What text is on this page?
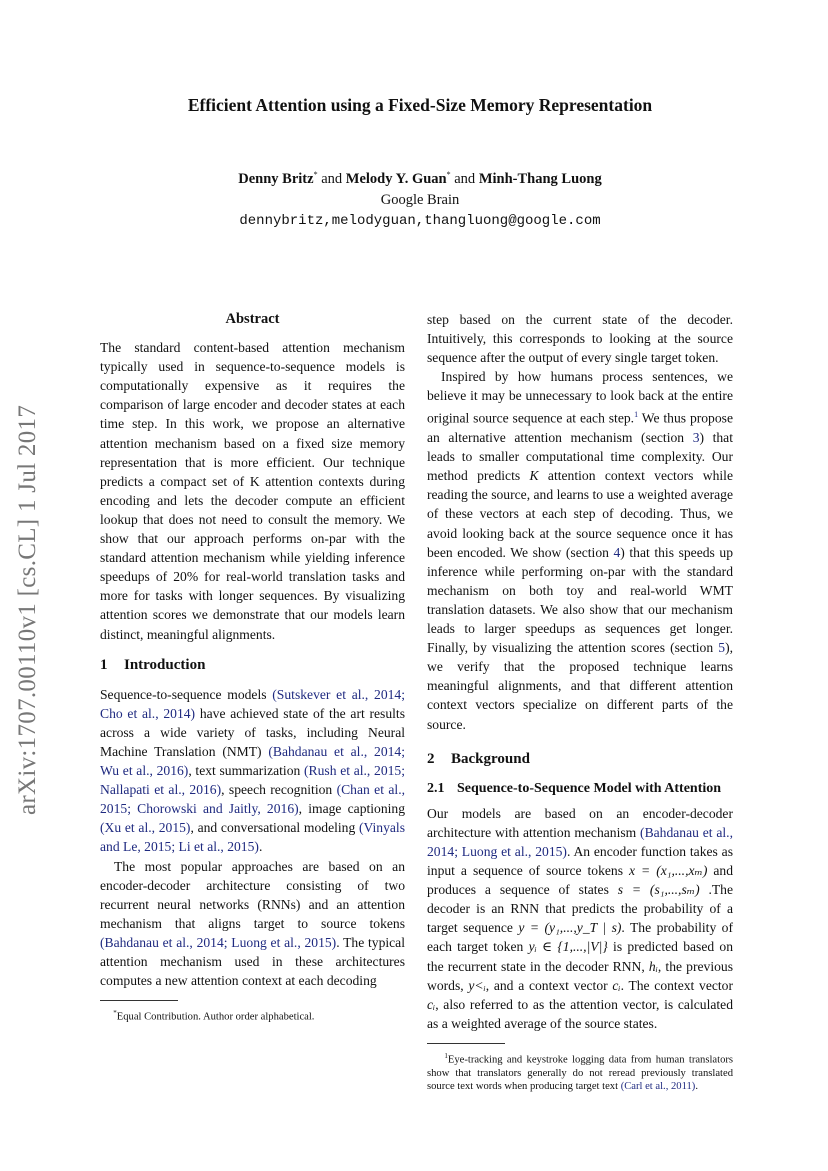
arXiv:1707.00110v1 [cs.CL] 1 Jul 2017
Efficient Attention using a Fixed-Size Memory Representation
Denny Britz* and Melody Y. Guan* and Minh-Thang Luong
Google Brain
dennybritz,melodyguan,thangluong@google.com
Abstract

The standard content-based attention mechanism typically used in sequence-to-sequence models is computationally expensive as it requires the comparison of large encoder and decoder states at each time step. In this work, we propose an alternative attention mechanism based on a fixed size memory representation that is more efficient. Our technique predicts a compact set of K attention contexts during encoding and lets the decoder compute an efficient lookup that does not need to consult the memory. We show that our approach performs on-par with the standard attention mechanism while yielding inference speedups of 20% for real-world translation tasks and more for tasks with longer sequences. By visualizing attention scores we demonstrate that our models learn distinct, meaningful alignments.

1 Introduction

Sequence-to-sequence models (Sutskever et al., 2014; Cho et al., 2014) have achieved state of the art results across a wide variety of tasks, including Neural Machine Translation (NMT) (Bahdanau et al., 2014; Wu et al., 2016), text summarization (Rush et al., 2015; Nallapati et al., 2016), speech recognition (Chan et al., 2015; Chorowski and Jaitly, 2016), image captioning (Xu et al., 2015), and conversational modeling (Vinyals and Le, 2015; Li et al., 2015).

The most popular approaches are based on an encoder-decoder architecture consisting of two recurrent neural networks (RNNs) and an attention mechanism that aligns target to source tokens (Bahdanau et al., 2014; Luong et al., 2015). The typical attention mechanism used in these architectures computes a new attention context at each decoding

*Equal Contribution. Author order alphabetical.

step based on the current state of the decoder. Intuitively, this corresponds to looking at the source sequence after the output of every single target token.

Inspired by how humans process sentences, we believe it may be unnecessary to look back at the entire original source sequence at each step.$^1$ We thus propose an alternative attention mechanism (section 3) that leads to smaller computational time complexity. Our method predicts K attention context vectors while reading the source, and learns to use a weighted average of these vectors at each step of decoding. Thus, we avoid looking back at the source sequence once it has been encoded. We show (section 4) that this speeds up inference while performing on-par with the standard mechanism on both toy and real-world WMT translation datasets. We also show that our mechanism leads to larger speedups as sequences get longer. Finally, by visualizing the attention scores (section 5), we verify that the proposed technique learns meaningful alignments, and that different attention context vectors specialize on different parts of the source.

2 Background
2.1 Sequence-to-Sequence Model with Attention

Our models are based on an encoder-decoder architecture with attention mechanism (Bahdanau et al., 2014; Luong et al., 2015). An encoder function takes as input a sequence of source tokens x = (x₁,...,xₘ) and produces a sequence of states s = (s₁,...,sₘ) .The decoder is an RNN that predicts the probability of a target sequence y = (y₁,...,y_T | s). The probability of each target token yᵢ ∈ {1,...,|V|} is predicted based on the recurrent state in the decoder RNN, hᵢ, the previous words, y<ᵢ, and a context vector cᵢ. The context vector cᵢ, also referred to as the attention vector, is calculated as a weighted average of the source states.

$^1$Eye-tracking and keystroke logging data from human translators show that translators generally do not reread previously translated source text words when producing target text (Carl et al., 2011).
